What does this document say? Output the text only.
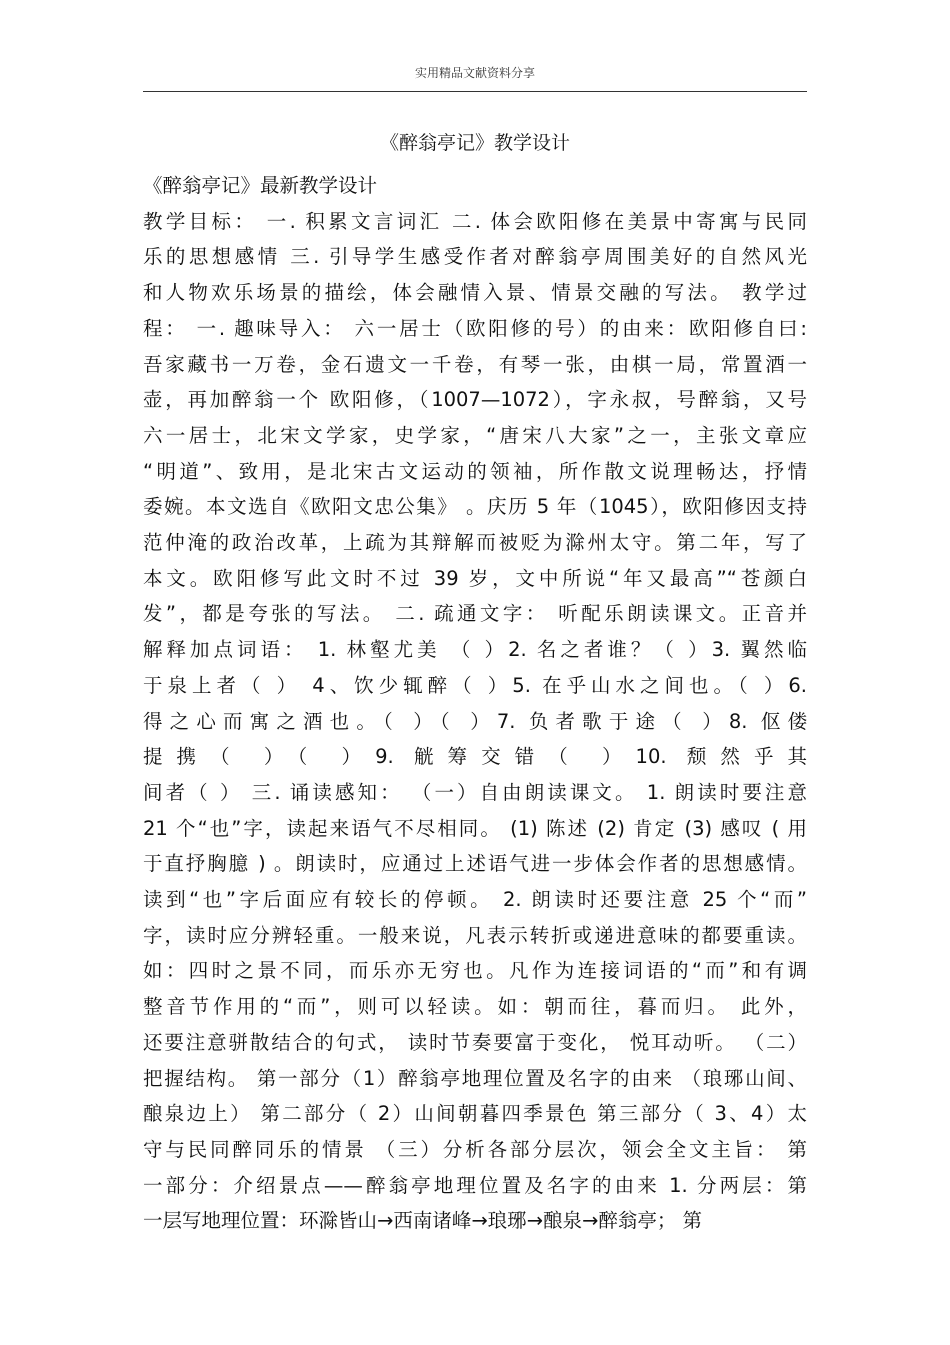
实用精品文献资料分享
《醉翁亭记》教学设计
《醉翁亭记》最新教学设计
教学目标： 一. 积累文言词汇 二. 体会欧阳修在美景中寄寓与民同
乐的思想感情 三. 引导学生感受作者对醉翁亭周围美好的自然风光
和人物欢乐场景的描绘，体会融情入景、情景交融的写法。 教学过
程： 一. 趣味导入： 六一居士（欧阳修的号）的由来：欧阳修自曰:
吾家藏书一万卷，金石遗文一千卷，有琴一张，由棋一局，常置酒一
壶，再加醉翁一个 欧阳修，（1007—1072），字永叔，号醉翁，又号
六一居士，北宋文学家，史学家，“唐宋八大家”之一，主张文章应
“明道”、致用，是北宋古文运动的领袖，所作散文说理畅达，抒情
委婉。本文选自《欧阳文忠公集》 。庆历 5 年（1045），欧阳修因支持
范仲淹的政治改革，上疏为其辩解而被贬为滁州太守。第二年，写了
本文。欧阳修写此文时不过 39 岁，文中所说“年又最高”“苍颜白
发”，都是夸张的写法。 二. 疏通文字： 听配乐朗读课文。正音并
解释加点词语： 1. 林壑尤美 （ ）2. 名之者谁？（ ）3. 翼然临
于泉上者（ ） 4、饮少辄醉（ ）5. 在乎山水之间也。（ ）6.
得之心而寓之酒也。（ ）（ ）7. 负者歌于途（ ）8. 伛偻
提携（ ）（ ）9. 觥筹交错（ ）10. 颓然乎其
间者（ ） 三. 诵读感知： （一）自由朗读课文。 1. 朗读时要注意
21 个“也”字，读起来语气不尽相同。 (1) 陈述 (2) 肯定 (3) 感叹 ( 用
于直抒胸臆 ) 。朗读时，应通过上述语气进一步体会作者的思想感情。
读到“也”字后面应有较长的停顿。 2. 朗读时还要注意 25 个“而”
字，读时应分辨轻重。一般来说，凡表示转折或递进意味的都要重读。
如：四时之景不同，而乐亦无穷也。凡作为连接词语的“而”和有调
整音节作用的“而”，则可以轻读。如：朝而往，暮而归。 此外，
还要注意骈散结合的句式， 读时节奏要富于变化， 悦耳动听。 （二）
把握结构。 第一部分（1）醉翁亭地理位置及名字的由来 （琅琊山间、
酿泉边上） 第二部分（ 2）山间朝暮四季景色 第三部分（ 3、4）太
守与民同醉同乐的情景 （三）分析各部分层次，领会全文主旨： 第
一部分：介绍景点——醉翁亭地理位置及名字的由来 1. 分两层：第
一层写地理位置：环滁皆山→西南诸峰→琅琊→酿泉→醉翁亭； 第
